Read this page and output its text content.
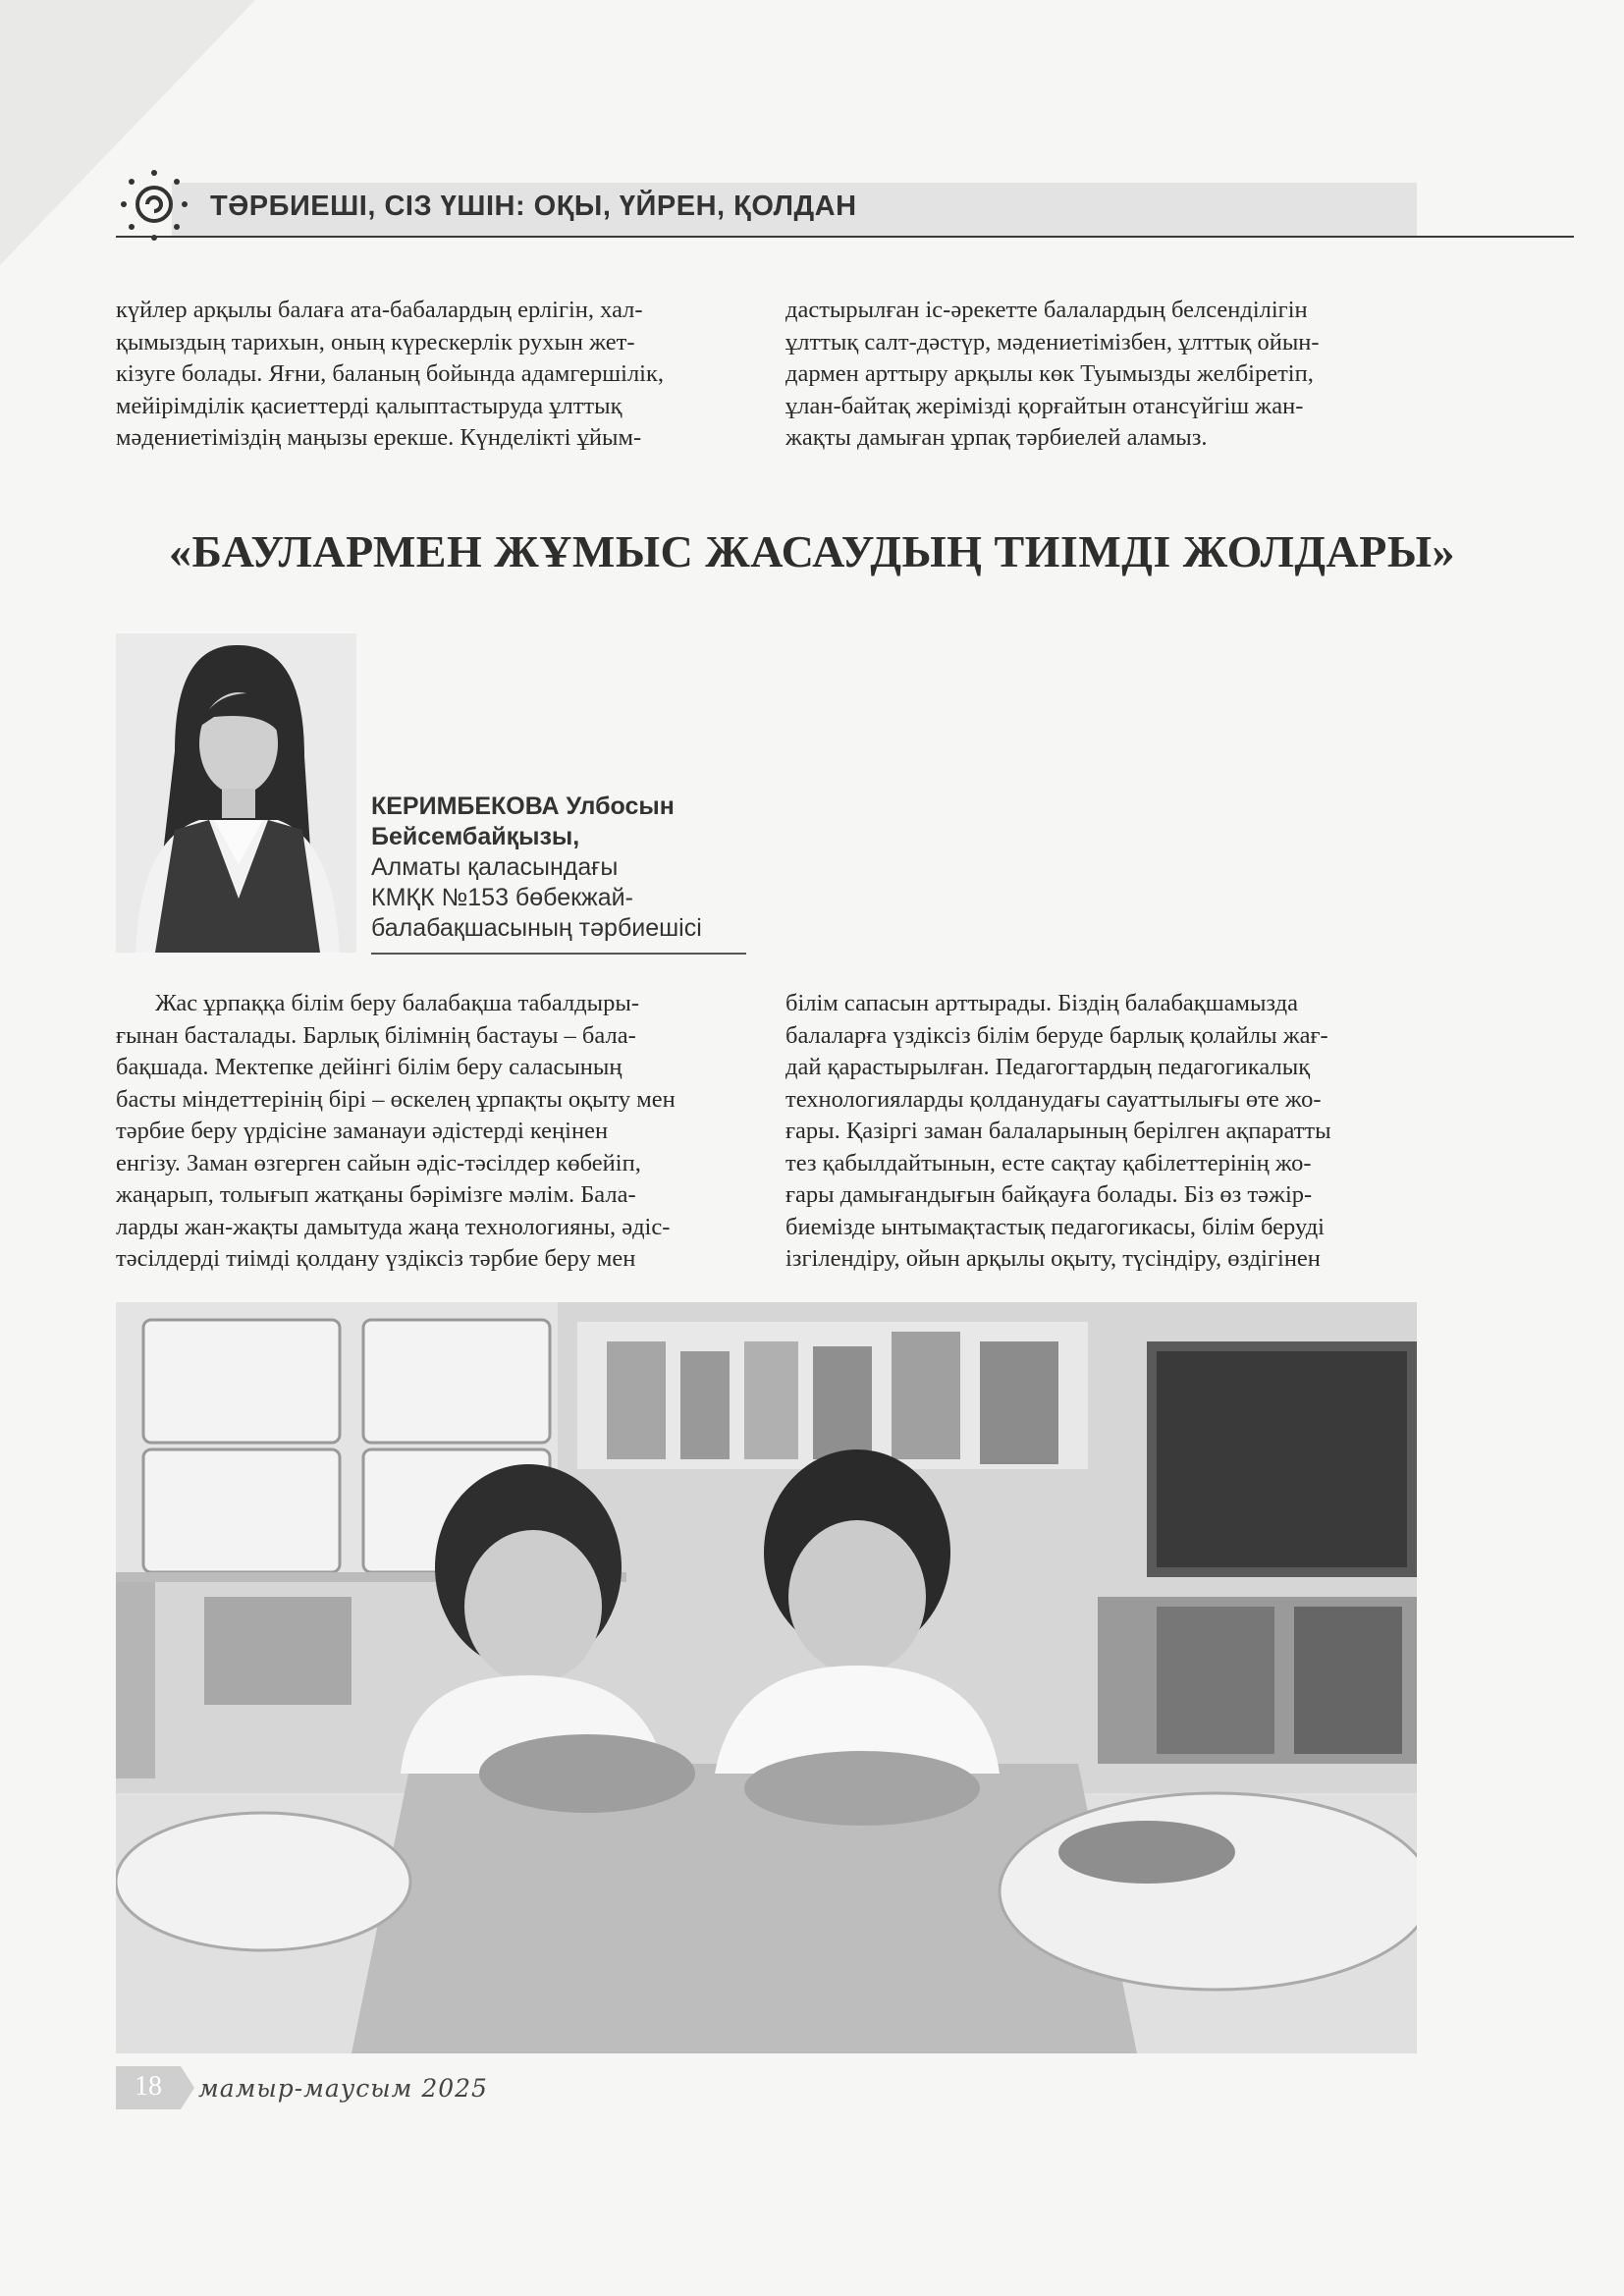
ТӘРБИЕШІ, СІЗ ҮШІН: ОҚЫ, ҮЙРЕН, ҚОЛДАН

күйлер арқылы балаға ата-бабалардың ерлігін, хал-

қымыздың тарихын, оның күрескерлік рухын жет-

кізуге болады. Яғни, баланың бойында адамгершілік,

мейірімділік қасиеттерді қалыптастыруда ұлттық

мәдениетіміздің маңызы ерекше. Күнделікті ұйым-

дастырылған іс-әрекетте балалардың белсенділігін

ұлттық салт-дәстүр, мәдениетімізбен, ұлттық ойын-

дармен арттыру арқылы көк Туымызды желбіретіп,

ұлан-байтақ жерімізді қорғайтын отансүйгіш жан-

жақты дамыған ұрпақ тәрбиелей аламыз.

«БАУЛАРМЕН ЖҰМЫС ЖАСАУДЫҢ ТИІМДІ ЖОЛДАРЫ»
КЕРИМБЕКОВА Улбосын
Бейсембайқызы,
Алматы қаласындағы
КМҚК №153 бөбекжай-
балабақшасының тәрбиешісі

Жас ұрпаққа білім беру балабақша табалдыры-

ғынан басталады. Барлық білімнің бастауы – бала-

бақшада. Мектепке дейінгі білім беру саласының

басты міндеттерінің бірі – өскелең ұрпақты оқыту мен

тәрбие беру үрдісіне заманауи әдістерді кеңінен

енгізу. Заман өзгерген сайын әдіс-тәсілдер көбейіп,

жаңарып, толығып жатқаны бәрімізге мәлім. Бала-

ларды жан-жақты дамытуда жаңа технологияны, әдіс-

тәсілдерді тиімді қолдану үздіксіз тәрбие беру мен

білім сапасын арттырады. Біздің балабақшамызда

балаларға үздіксіз білім беруде барлық қолайлы жағ-

дай қарастырылған. Педагогтардың педагогикалық

технологияларды қолданудағы сауаттылығы өте жо-

ғары. Қазіргі заман балаларының берілген ақпаратты

тез қабылдайтынын, есте сақтау қабілеттерінің жо-

ғары дамығандығын байқауға болады. Біз өз тәжір-

биемізде ынтымақтастық педагогикасы, білім беруді

ізгілендіру, ойын арқылы оқыту, түсіндіру, өздігінен

18	мамыр-маусым 2025
